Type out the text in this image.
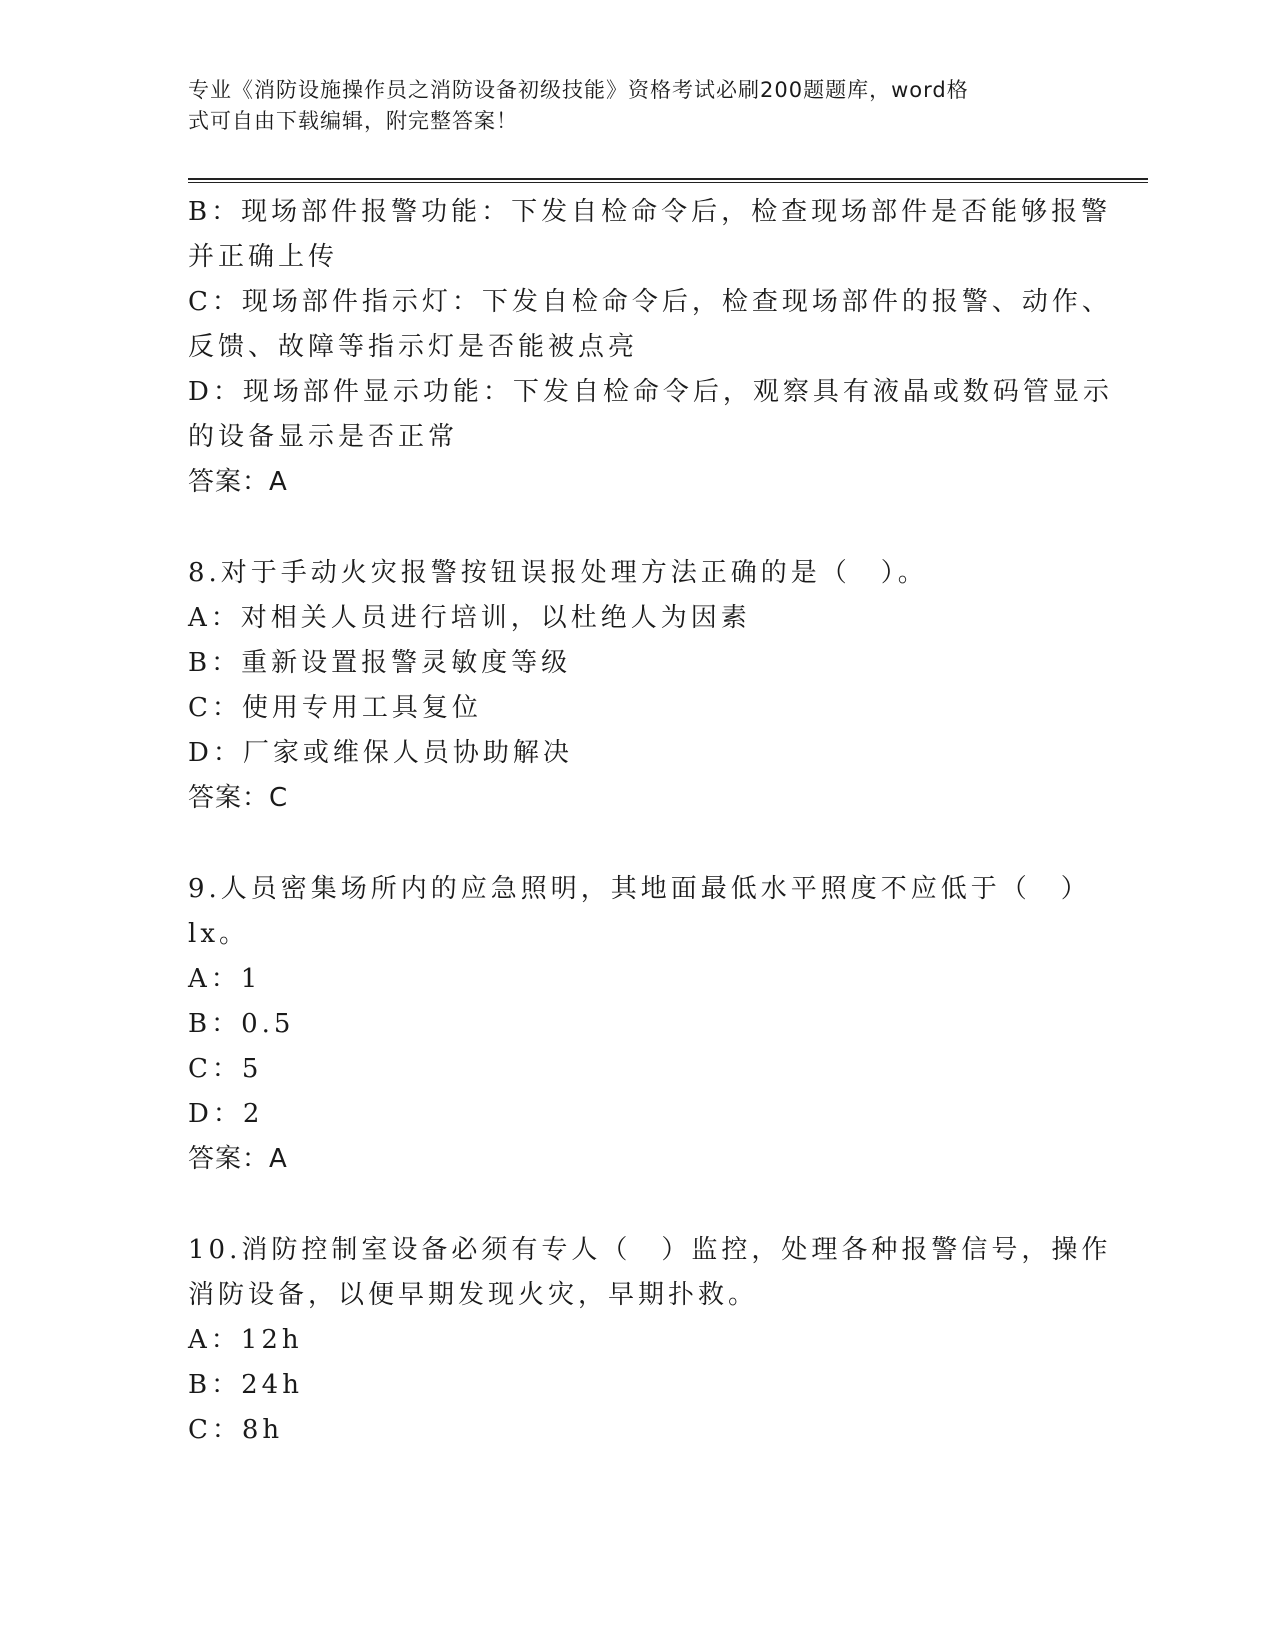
专业《消防设施操作员之消防设备初级技能》资格考试必刷200题题库，word格
式可自由下载编辑，附完整答案！
B：现场部件报警功能：下发自检命令后，检查现场部件是否能够报警
并正确上传
C：现场部件指示灯：下发自检命令后，检查现场部件的报警、动作、
反馈、故障等指示灯是否能被点亮
D：现场部件显示功能：下发自检命令后，观察具有液晶或数码管显示
的设备显示是否正常
答案：A
8.对于手动火灾报警按钮误报处理方法正确的是（　）。
A：对相关人员进行培训，以杜绝人为因素
B：重新设置报警灵敏度等级
C：使用专用工具复位
D：厂家或维保人员协助解决
答案：C
9.人员密集场所内的应急照明，其地面最低水平照度不应低于（　）
lx。
A：1
B：0.5
C：5
D：2
答案：A
10.消防控制室设备必须有专人（　）监控，处理各种报警信号，操作
消防设备，以便早期发现火灾，早期扑救。
A：12h
B：24h
C：8h
